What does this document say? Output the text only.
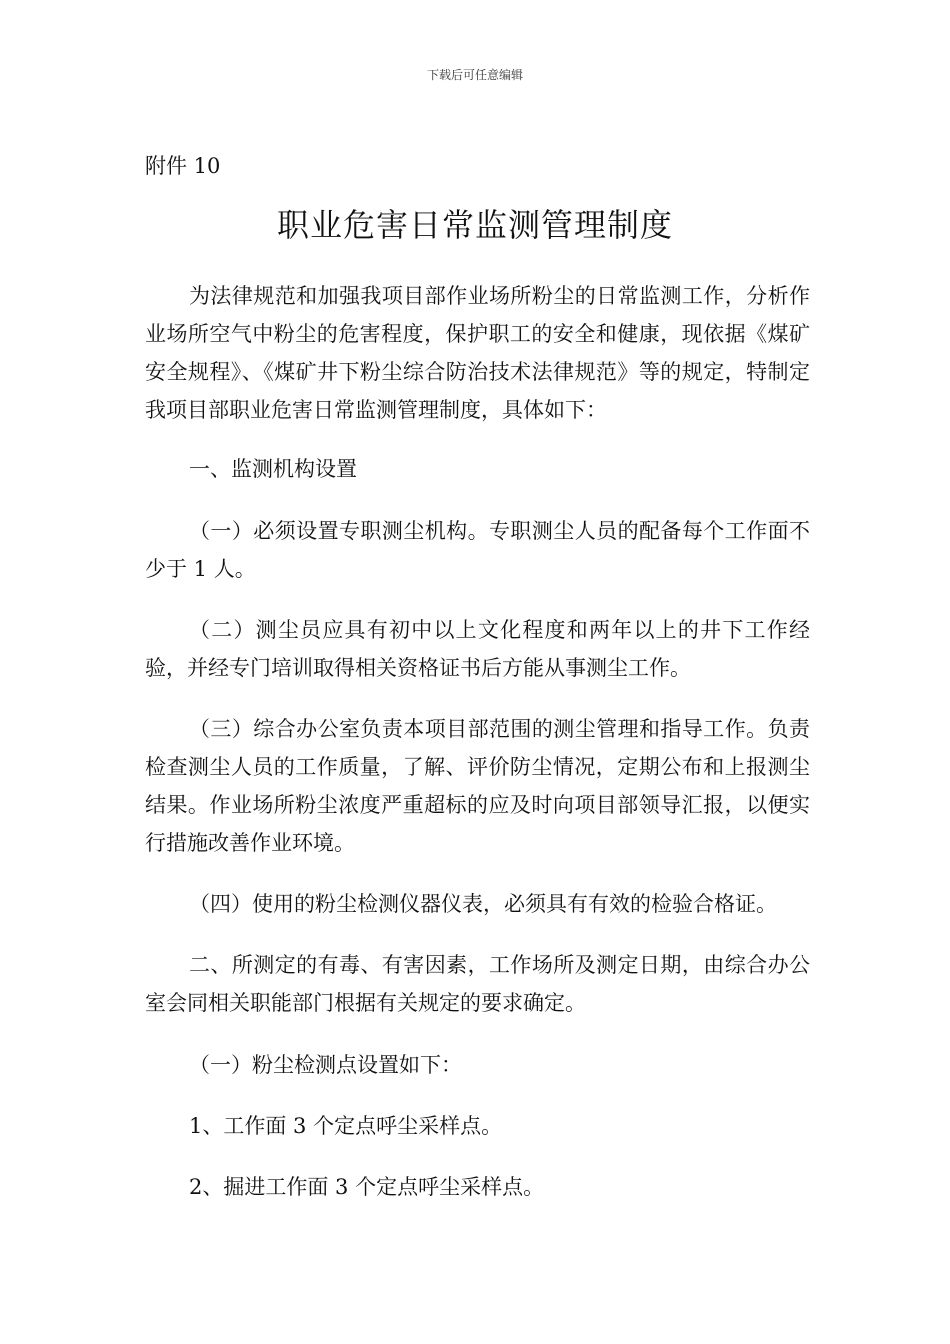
下载后可任意编辑
附件 10
职业危害日常监测管理制度

为法律规范和加强我项目部作业场所粉尘的日常监测工作，分析作业场所空气中粉尘的危害程度，保护职工的安全和健康，现依据《煤矿安全规程》、《煤矿井下粉尘综合防治技术法律规范》等的规定，特制定我项目部职业危害日常监测管理制度，具体如下：

一、监测机构设置

（一）必须设置专职测尘机构。专职测尘人员的配备每个工作面不少于 1 人。

（二）测尘员应具有初中以上文化程度和两年以上的井下工作经验，并经专门培训取得相关资格证书后方能从事测尘工作。

（三）综合办公室负责本项目部范围的测尘管理和指导工作。负责检查测尘人员的工作质量，了解、评价防尘情况，定期公布和上报测尘结果。作业场所粉尘浓度严重超标的应及时向项目部领导汇报，以便实行措施改善作业环境。

（四）使用的粉尘检测仪器仪表，必须具有有效的检验合格证。

二、所测定的有毒、有害因素，工作场所及测定日期，由综合办公室会同相关职能部门根据有关规定的要求确定。

（一）粉尘检测点设置如下：

1、工作面 3 个定点呼尘采样点。

2、掘进工作面 3 个定点呼尘采样点。
